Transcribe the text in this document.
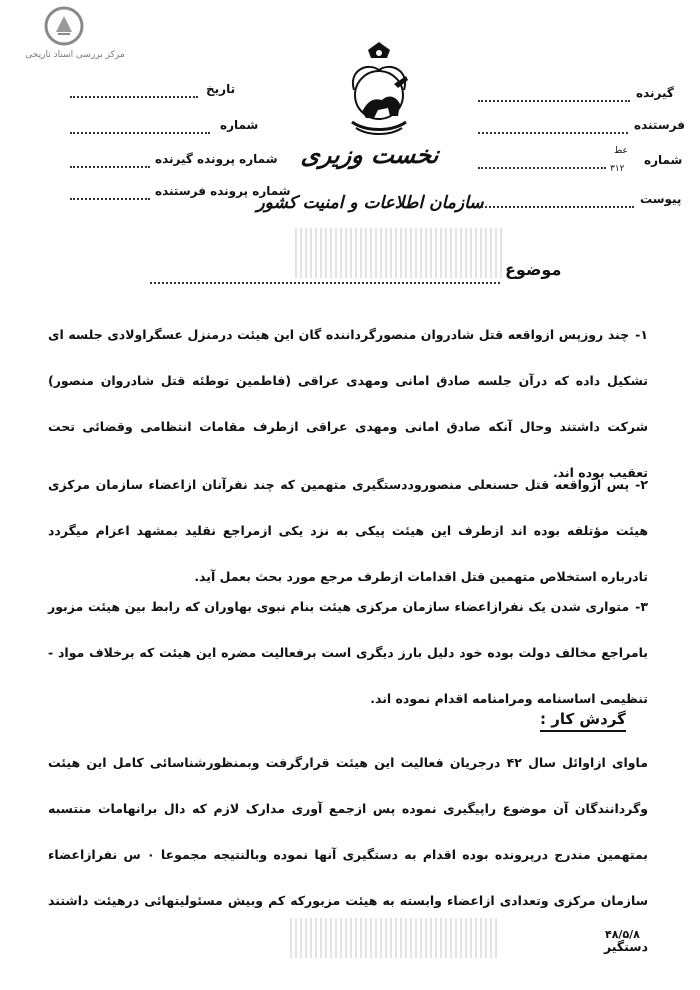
مرکز بررسی اسناد تاریخی
نخست وزیری
سازمان اطلاعات و امنیت کشور
تاریخ
شماره
شماره پرونده گیرنده
شماره پرونده فرستنده
گیرنده
فرستنده
شماره
عط
۳۱۲
پیوست
موضوع
۱-چند روزپس ازواقعه قتل شادروان منصورگرداننده گان این هیئت درمنزل عسگراولادی جلسه ای تشکیل داده که درآن جلسه صادق امانی ومهدی عراقی (فاطمین توطئه قتل شادروان منصور) شرکت داشتند وحال آنکه صادق امانی ومهدی عراقی ازطرف مقامات انتظامی وقضائی تحت تعقیب بوده اند.
۲-پس ازواقعه قتل حسنعلی منصوروددستگیری متهمین که چند نفرآنان ازاعضاء سازمان مرکزی هیئت مؤتلفه بوده اند ازطرف این هیئت پیکی به نزد یکی ازمراجع نقلید بمشهد اعزام میگردد تادرباره استخلاص متهمین قتل اقدامات ازطرف مرجع مورد بحث بعمل آید.
۳-متواری شدن یک نفرازاعضاء سازمان مرکزی هیئت بنام نبوی بهاوران که رابط بین هیئت مزبور بامراجع مخالف دولت بوده خود دلیل بارز دیگری است برفعالیت مضره این هیئت که برخلاف مواد - تنظیمی اساسنامه ومرامنامه اقدام نموده اند.
گردش کار :
ماوای ازاوائل سال ۴۲ درجریان فعالیت این هیئت قرارگرفت وبمنظورشناسائی کامل این هیئت وگردانندگان آن موضوع راپیگیری نموده پس ازجمع آوری مدارک لازم که دال برانهامات منتسبه بمتهمین مندرج درپرونده بوده اقدام به دستگیری آنها نموده وبالنتیجه مجموعا ۰ س نفرازاعضاء سازمان مرکزی وتعدادی ازاعضاء وابسته به هیئت مزبورکه کم وبیش مسئولیتهائی درهیئت داشتند دستگیر
۴۸/۵/۸
